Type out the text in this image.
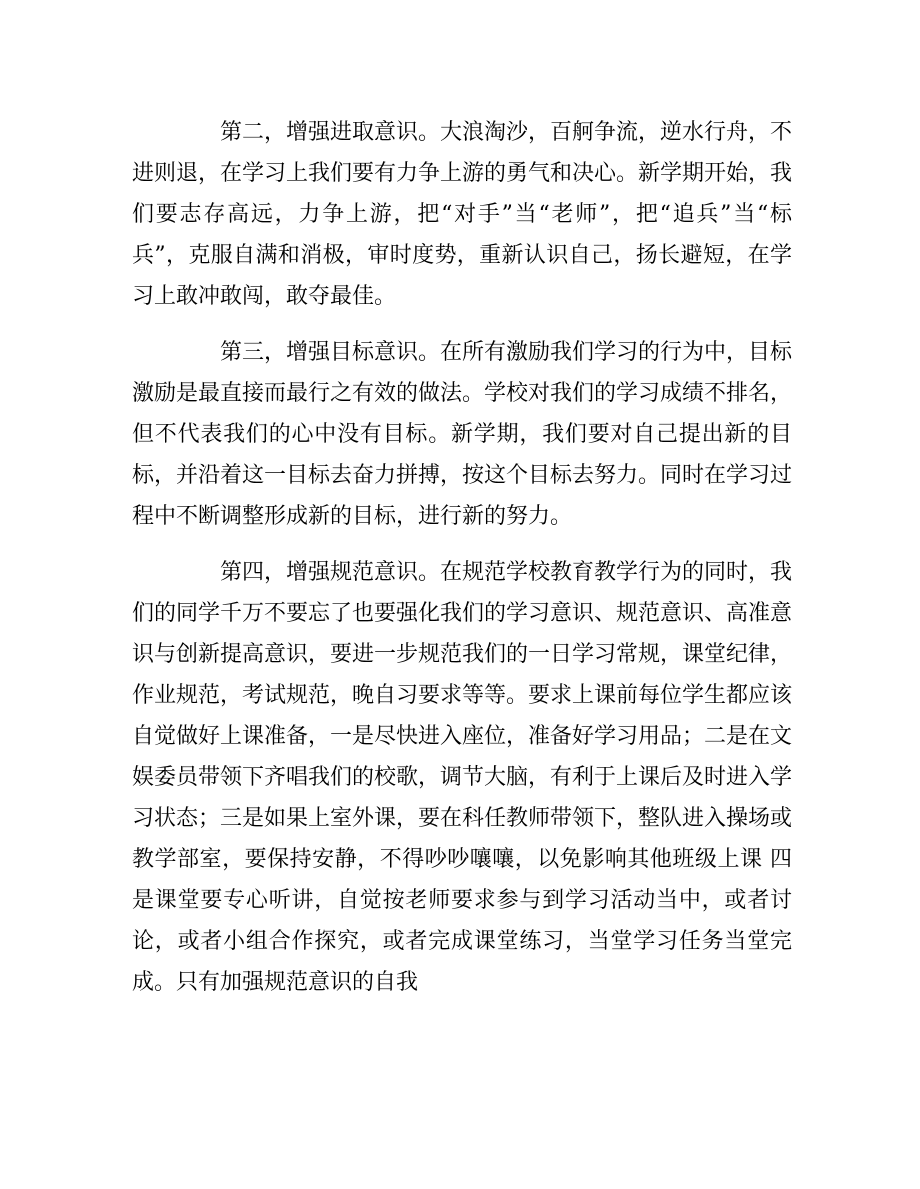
第二，增强进取意识。大浪淘沙，百舸争流，逆水行舟，不进则退，在学习上我们要有力争上游的勇气和决心。新学期开始，我们要志存高远，力争上游，把“对手”当“老师”，把“追兵”当“标兵”，克服自满和消极，审时度势，重新认识自己，扬长避短，在学习上敢冲敢闯，敢夺最佳。

第三，增强目标意识。在所有激励我们学习的行为中，目标激励是最直接而最行之有效的做法。学校对我们的学习成绩不排名，但不代表我们的心中没有目标。新学期，我们要对自己提出新的目标，并沿着这一目标去奋力拼搏，按这个目标去努力。同时在学习过程中不断调整形成新的目标，进行新的努力。

第四，增强规范意识。在规范学校教育教学行为的同时，我们的同学千万不要忘了也要强化我们的学习意识、规范意识、高准意识与创新提高意识，要进一步规范我们的一日学习常规，课堂纪律，作业规范，考试规范，晚自习要求等等。要求上课前每位学生都应该自觉做好上课准备，一是尽快进入座位，准备好学习用品；二是在文娱委员带领下齐唱我们的校歌，调节大脑，有利于上课后及时进入学习状态；三是如果上室外课，要在科任教师带领下，整队进入操场或教学部室，要保持安静，不得吵吵嚷嚷，以免影响其他班级上课 四是课堂要专心听讲，自觉按老师要求参与到学习活动当中，或者讨论，或者小组合作探究，或者完成课堂练习，当堂学习任务当堂完成。只有加强规范意识的自我
